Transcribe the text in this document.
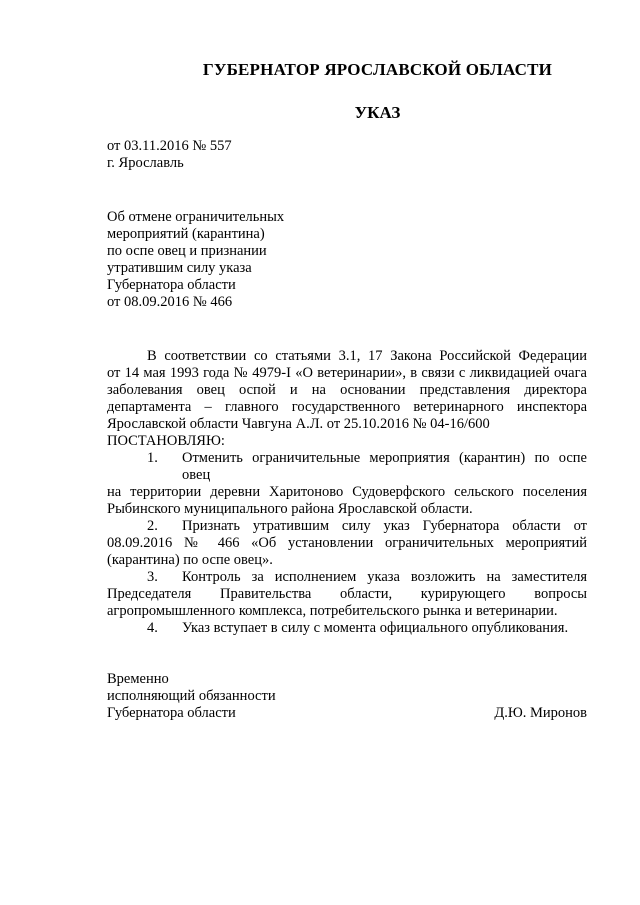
ГУБЕРНАТОР ЯРОСЛАВСКОЙ ОБЛАСТИ
УКАЗ
от 03.11.2016 № 557
г. Ярославль
Об отмене ограничительных
мероприятий (карантина)
по оспе овец и признании
утратившим силу указа
Губернатора области
от 08.09.2016 № 466
В соответствии со статьями 3.1, 17 Закона Российской Федерации
от 14 мая 1993 года № 4979-I «О ветеринарии», в связи с ликвидацией очага
заболевания овец оспой и на основании представления директора
департамента – главного государственного ветеринарного инспектора
Ярославской области Чавгуна А.Л. от 25.10.2016 № 04-16/600
ПОСТАНОВЛЯЮ:
1.	Отменить ограничительные мероприятия (карантин) по оспе овец
на территории деревни Харитоново Судоверфского сельского поселения
Рыбинского муниципального района Ярославской области.
2.	Признать утратившим силу указ Губернатора области от
08.09.2016 № 466 «Об установлении ограничительных мероприятий
(карантина) по оспе овец».
3.	Контроль за исполнением указа возложить на заместителя
Председателя Правительства области, курирующего вопросы
агропромышленного комплекса, потребительского рынка и ветеринарии.
4.	Указ вступает в силу с момента официального опубликования.
Временно
исполняющий обязанности
Губернатора области	Д.Ю. Миронов
